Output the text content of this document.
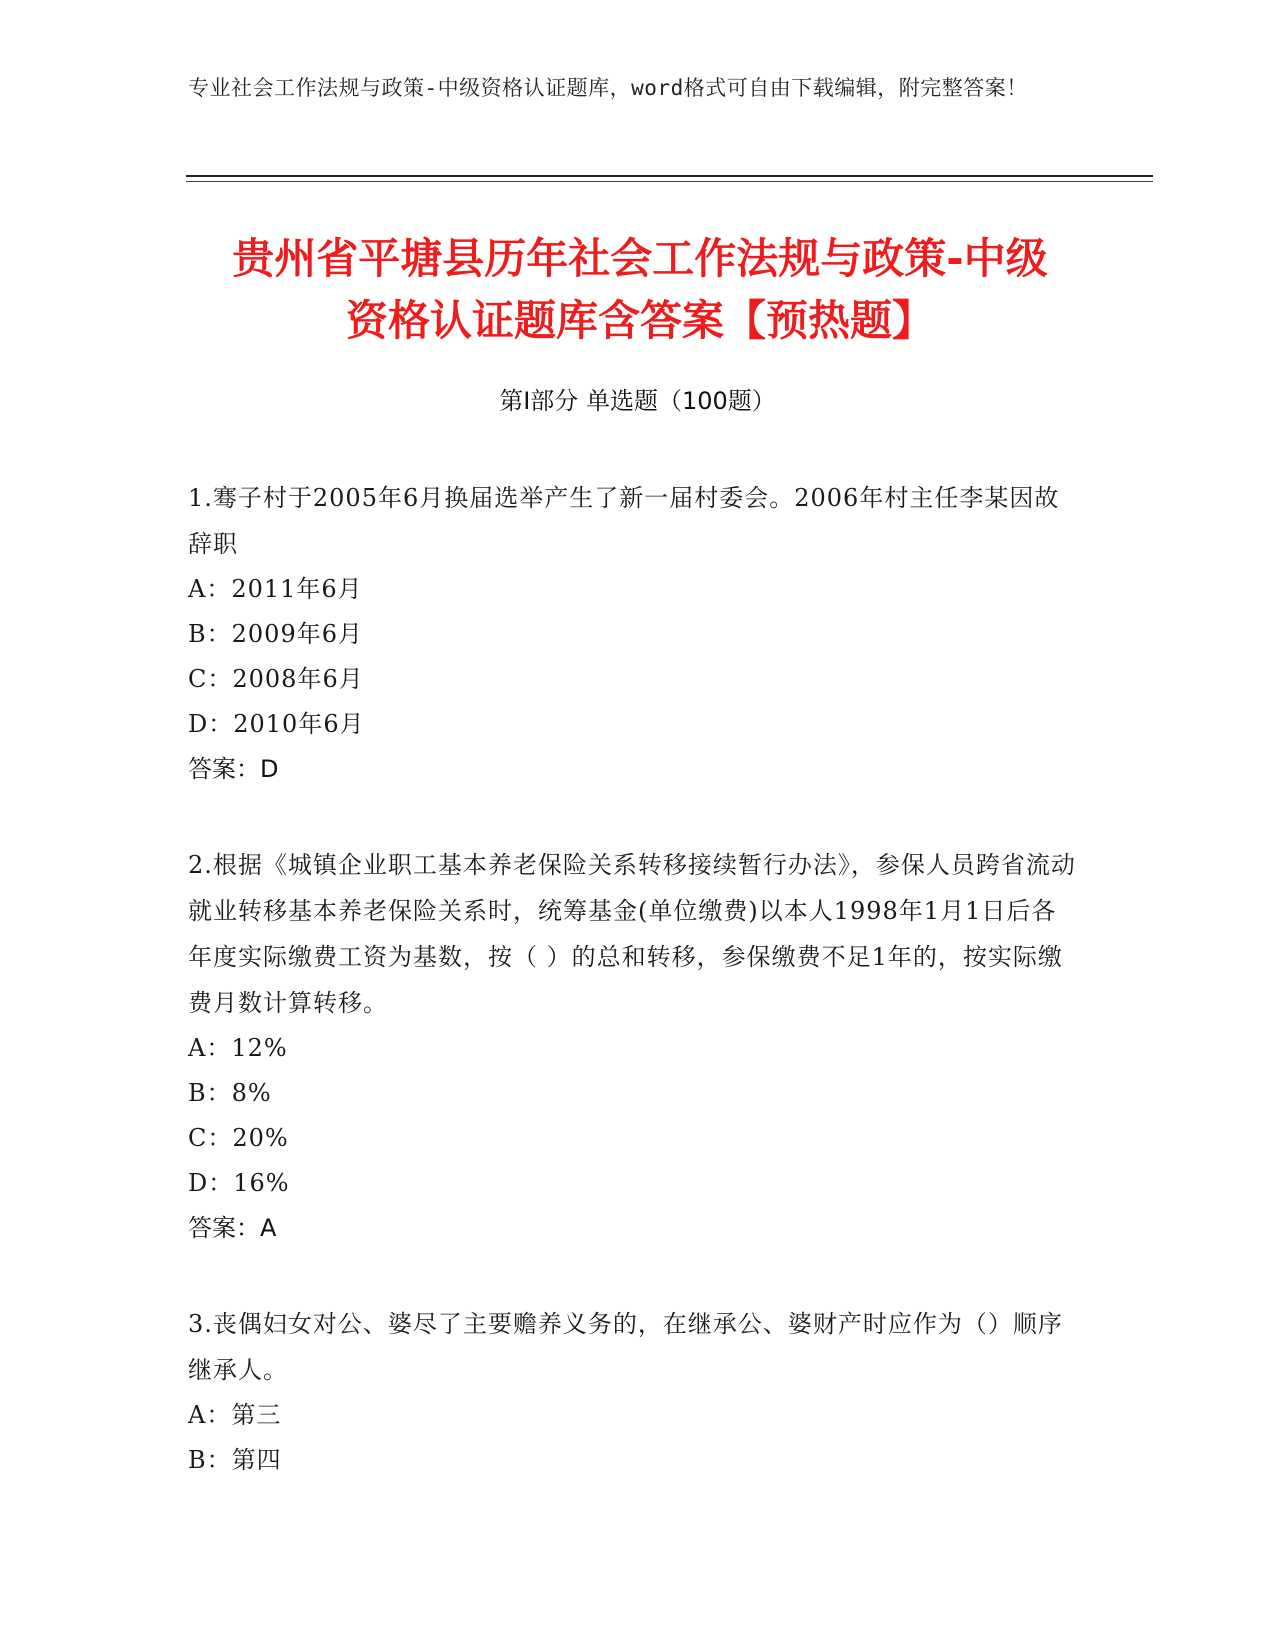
专业社会工作法规与政策-中级资格认证题库，word格式可自由下载编辑，附完整答案！
贵州省平塘县历年社会工作法规与政策-中级
资格认证题库含答案【预热题】
第Ⅰ部分 单选题（100题）
1.骞子村于2005年6月换届选举产生了新一届村委会。2006年村主任李某因故辞职
A：2011年6月
B：2009年6月
C：2008年6月
D：2010年6月
答案：D
2.根据《城镇企业职工基本养老保险关系转移接续暂行办法》，参保人员跨省流动就业转移基本养老保险关系时，统筹基金(单位缴费)以本人1998年1月1日后各年度实际缴费工资为基数，按（ ）的总和转移，参保缴费不足1年的，按实际缴费月数计算转移。
A：12%
B：8%
C：20%
D：16%
答案：A
3.丧偶妇女对公、婆尽了主要赡养义务的，在继承公、婆财产时应作为（）顺序继承人。
A：第三
B：第四
